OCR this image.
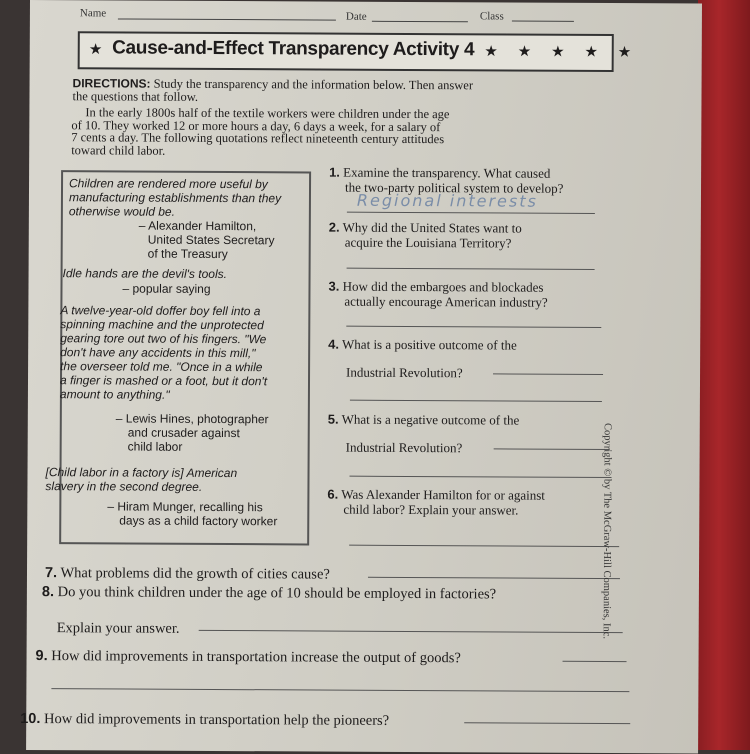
Name	Date	Class
★ Cause-and-Effect Transparency Activity 4 ★ ★ ★ ★ ★
DIRECTIONS: Study the transparency and the information below. Then answer
the questions that follow.
In the early 1800s half of the textile workers were children under the age
of 10. They worked 12 or more hours a day, 6 days a week, for a salary of
7 cents a day. The following quotations reflect nineteenth century attitudes
toward child labor.
Children are rendered more useful by
manufacturing establishments than they
otherwise would be.
– Alexander Hamilton,
United States Secretary
of the Treasury
Idle hands are the devil's tools.
– popular saying
A twelve-year-old doffer boy fell into a
spinning machine and the unprotected
gearing tore out two of his fingers. "We
don't have any accidents in this mill,"
the overseer told me. "Once in a while
a finger is mashed or a foot, but it don't
amount to anything."
– Lewis Hines, photographer
and crusader against
child labor
[Child labor in a factory is] American
slavery in the second degree.
– Hiram Munger, recalling his
days as a child factory worker
1. Examine the transparency. What caused
the two-party political system to develop?
Regional interests
2. Why did the United States want to
acquire the Louisiana Territory?
3. How did the embargoes and blockades
actually encourage American industry?
4. What is a positive outcome of the
Industrial Revolution?
5. What is a negative outcome of the
Industrial Revolution?
6. Was Alexander Hamilton for or against
child labor? Explain your answer.
7. What problems did the growth of cities cause?
8. Do you think children under the age of 10 should be employed in factories?
Explain your answer.
9. How did improvements in transportation increase the output of goods?
10. How did improvements in transportation help the pioneers?
Copyright © by The McGraw-Hill Companies, Inc.
